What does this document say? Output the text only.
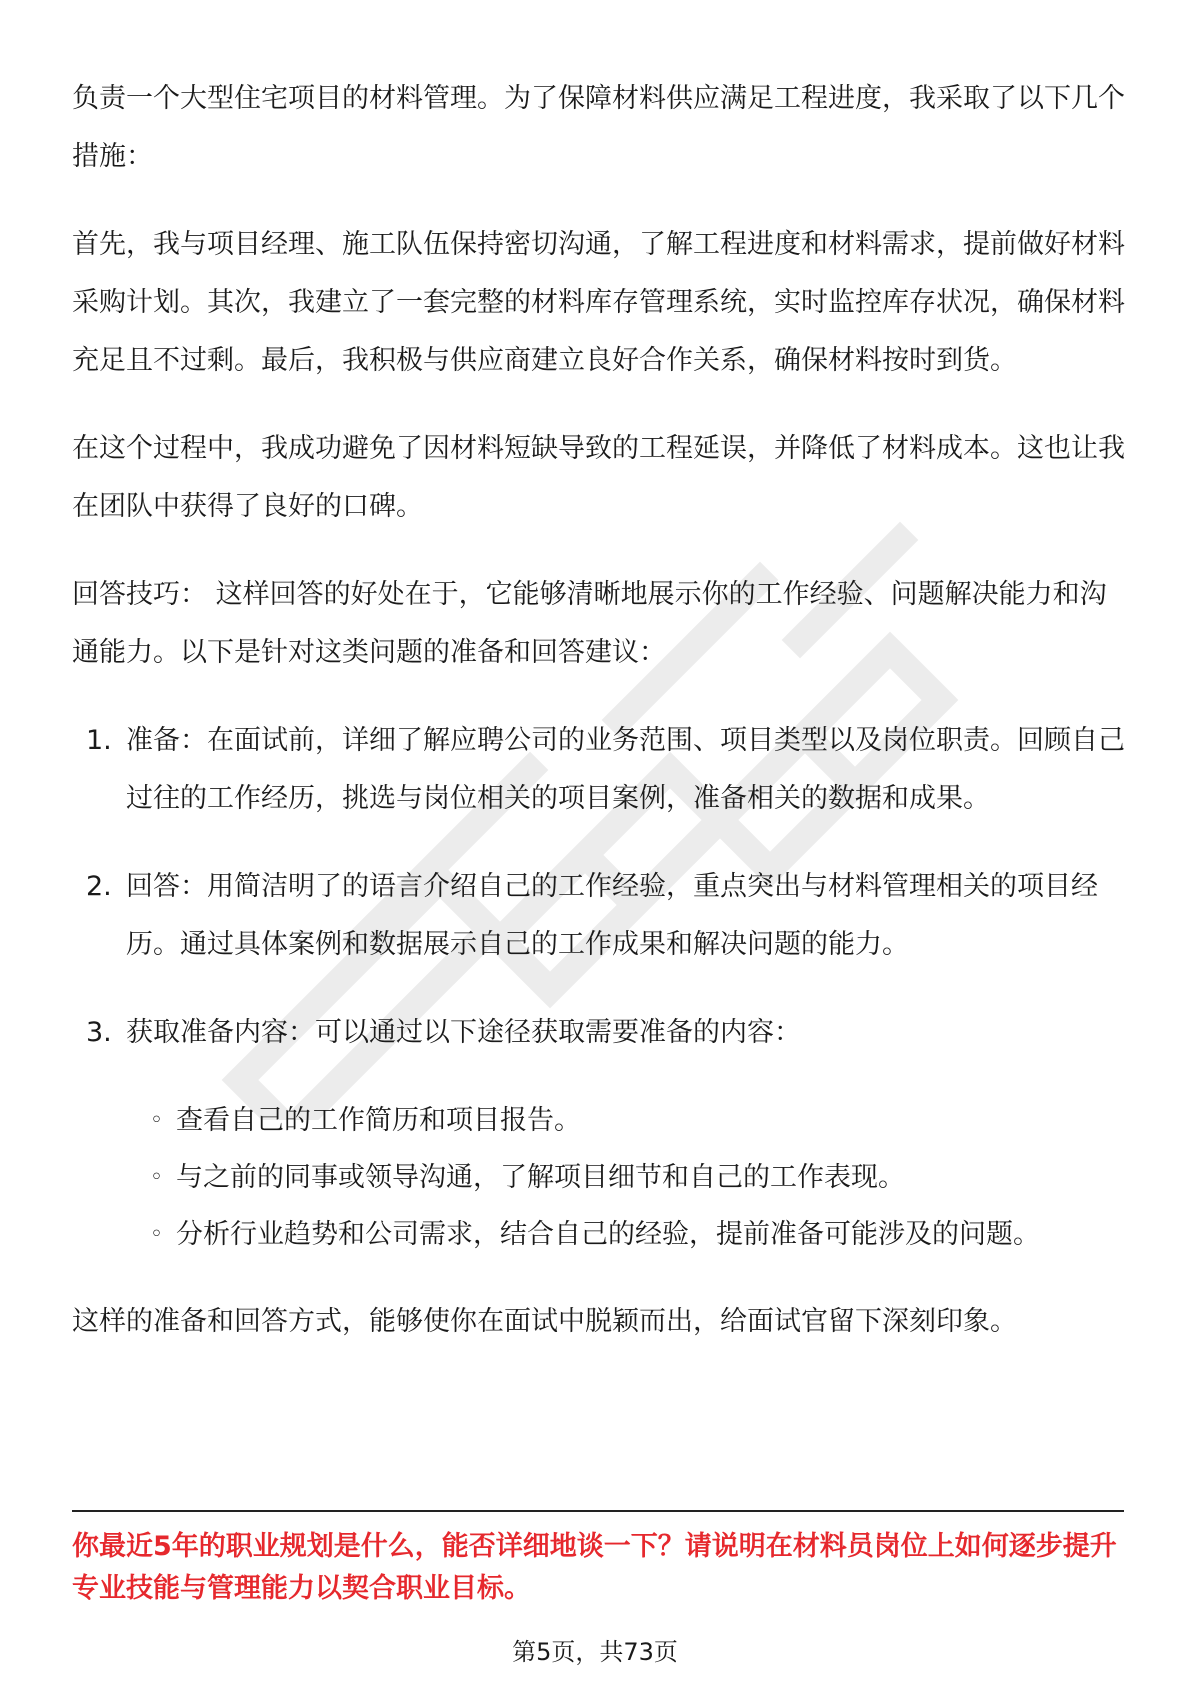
负责一个大型住宅项目的材料管理。为了保障材料供应满足工程进度，我采取了以下几个措施：

首先，我与项目经理、施工队伍保持密切沟通，了解工程进度和材料需求，提前做好材料采购计划。其次，我建立了一套完整的材料库存管理系统，实时监控库存状况，确保材料充足且不过剩。最后，我积极与供应商建立良好合作关系，确保材料按时到货。

在这个过程中，我成功避免了因材料短缺导致的工程延误，并降低了材料成本。这也让我在团队中获得了良好的口碑。

回答技巧： 这样回答的好处在于，它能够清晰地展示你的工作经验、问题解决能力和沟通能力。以下是针对这类问题的准备和回答建议：

1. 准备：在面试前，详细了解应聘公司的业务范围、项目类型以及岗位职责。回顾自己过往的工作经历，挑选与岗位相关的项目案例，准备相关的数据和成果。
2. 回答：用简洁明了的语言介绍自己的工作经验，重点突出与材料管理相关的项目经历。通过具体案例和数据展示自己的工作成果和解决问题的能力。
3. 获取准备内容：可以通过以下途径获取需要准备的内容：
◦ 查看自己的工作简历和项目报告。
◦ 与之前的同事或领导沟通，了解项目细节和自己的工作表现。
◦ 分析行业趋势和公司需求，结合自己的经验，提前准备可能涉及的问题。

这样的准备和回答方式，能够使你在面试中脱颖而出，给面试官留下深刻印象。

你最近5年的职业规划是什么，能否详细地谈一下？请说明在材料员岗位上如何逐步提升专业技能与管理能力以契合职业目标。
第5页，共73页
